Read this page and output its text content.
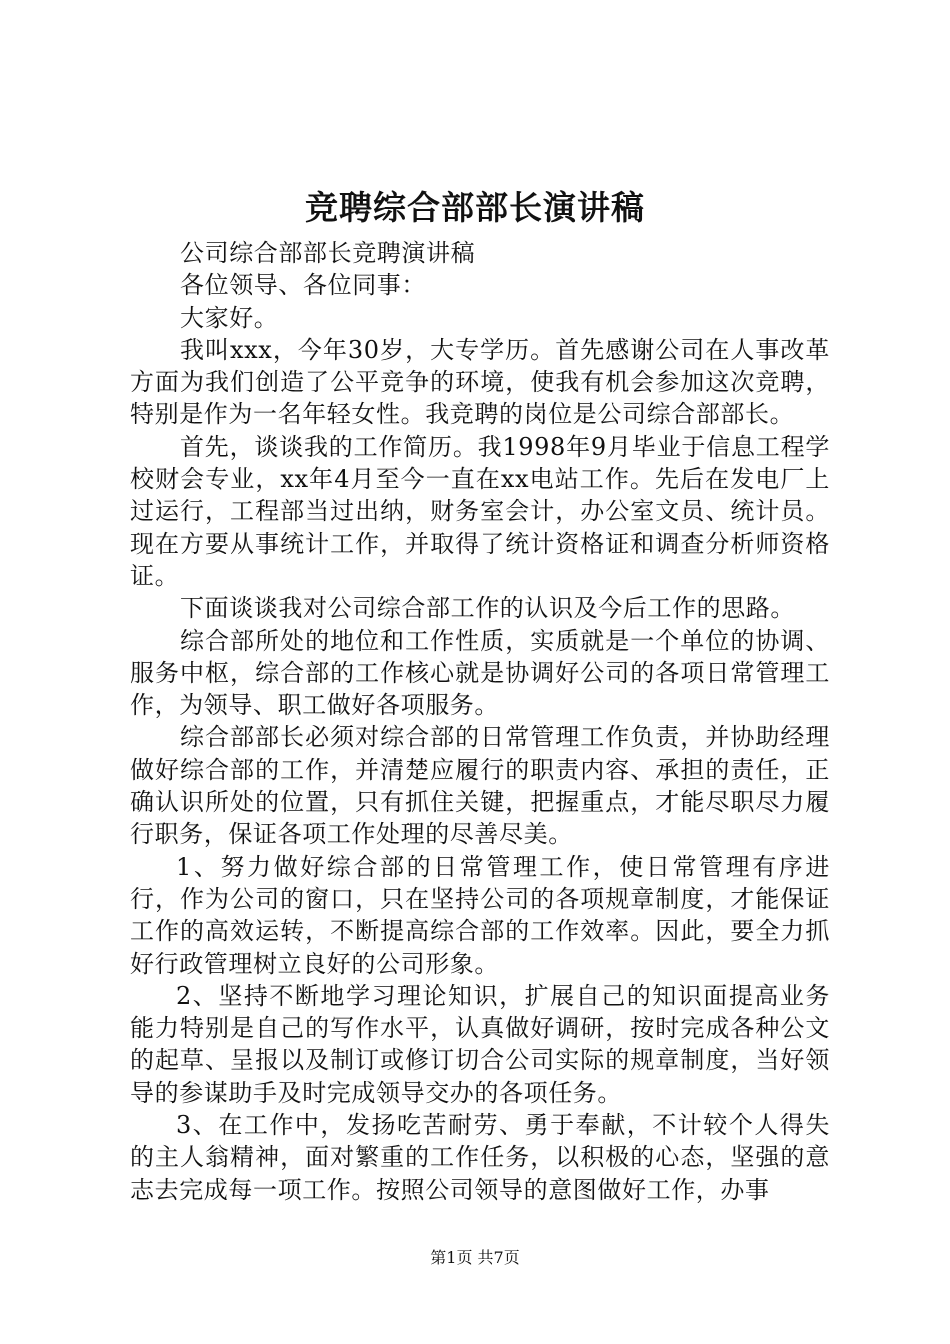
竞聘综合部部长演讲稿

公司综合部部长竞聘演讲稿

各位领导、各位同事：

大家好。

我叫xxx，今年30岁，大专学历。首先感谢公司在人事改革方面为我们创造了公平竞争的环境，使我有机会参加这次竞聘，特别是作为一名年轻女性。我竞聘的岗位是公司综合部部长。

首先，谈谈我的工作简历。我1998年9月毕业于信息工程学校财会专业，xx年4月至今一直在xx电站工作。先后在发电厂上过运行，工程部当过出纳，财务室会计，办公室文员、统计员。现在方要从事统计工作，并取得了统计资格证和调查分析师资格证。

下面谈谈我对公司综合部工作的认识及今后工作的思路。

综合部所处的地位和工作性质，实质就是一个单位的协调、服务中枢，综合部的工作核心就是协调好公司的各项日常管理工作，为领导、职工做好各项服务。

综合部部长必须对综合部的日常管理工作负责，并协助经理做好综合部的工作，并清楚应履行的职责内容、承担的责任，正确认识所处的位置，只有抓住关键，把握重点，才能尽职尽力履行职务，保证各项工作处理的尽善尽美。

1、努力做好综合部的日常管理工作，使日常管理有序进行，作为公司的窗口，只在坚持公司的各项规章制度，才能保证工作的高效运转，不断提高综合部的工作效率。因此，要全力抓好行政管理树立良好的公司形象。

2、坚持不断地学习理论知识，扩展自己的知识面提高业务能力特别是自己的写作水平，认真做好调研，按时完成各种公文的起草、呈报以及制订或修订切合公司实际的规章制度，当好领导的参谋助手及时完成领导交办的各项任务。

3、在工作中，发扬吃苦耐劳、勇于奉献，不计较个人得失的主人翁精神，面对繁重的工作任务，以积极的心态，坚强的意志去完成每一项工作。按照公司领导的意图做好工作，办事

第1页 共7页
